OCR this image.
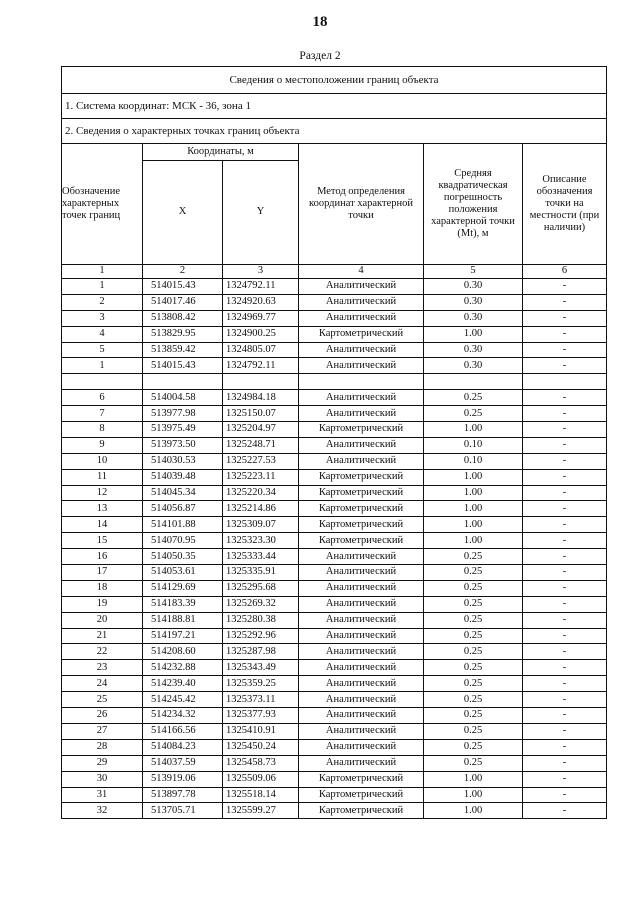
18
Раздел 2
Сведения о местоположении границ объекта					
1. Система координат: МСК - 36, зона 1					
2. Сведения о характерных точках границ объекта					
Обозначение характерных точек границ	Координаты, м		Метод определения координат характерной точки	Средняя квадратическая погрешность положения характерной точки (Mt), м	Описание обозначения точки на местности (при наличии)
	X	Y			
1	2	3	4	5	6
1	514015.43	1324792.11	Аналитический	0.30	-
2	514017.46	1324920.63	Аналитический	0.30	-
3	513808.42	1324969.77	Аналитический	0.30	-
4	513829.95	1324900.25	Картометрический	1.00	-
5	513859.42	1324805.07	Аналитический	0.30	-
1	514015.43	1324792.11	Аналитический	0.30	-

6	514004.58	1324984.18	Аналитический	0.25	-
7	513977.98	1325150.07	Аналитический	0.25	-
8	513975.49	1325204.97	Картометрический	1.00	-
9	513973.50	1325248.71	Аналитический	0.10	-
10	514030.53	1325227.53	Аналитический	0.10	-
11	514039.48	1325223.11	Картометрический	1.00	-
12	514045.34	1325220.34	Картометрический	1.00	-
13	514056.87	1325214.86	Картометрический	1.00	-
14	514101.88	1325309.07	Картометрический	1.00	-
15	514070.95	1325323.30	Картометрический	1.00	-
16	514050.35	1325333.44	Аналитический	0.25	-
17	514053.61	1325335.91	Аналитический	0.25	-
18	514129.69	1325295.68	Аналитический	0.25	-
19	514183.39	1325269.32	Аналитический	0.25	-
20	514188.81	1325280.38	Аналитический	0.25	-
21	514197.21	1325292.96	Аналитический	0.25	-
22	514208.60	1325287.98	Аналитический	0.25	-
23	514232.88	1325343.49	Аналитический	0.25	-
24	514239.40	1325359.25	Аналитический	0.25	-
25	514245.42	1325373.11	Аналитический	0.25	-
26	514234.32	1325377.93	Аналитический	0.25	-
27	514166.56	1325410.91	Аналитический	0.25	-
28	514084.23	1325450.24	Аналитический	0.25	-
29	514037.59	1325458.73	Аналитический	0.25	-
30	513919.06	1325509.06	Картометрический	1.00	-
31	513897.78	1325518.14	Картометрический	1.00	-
32	513705.71	1325599.27	Картометрический	1.00	-
